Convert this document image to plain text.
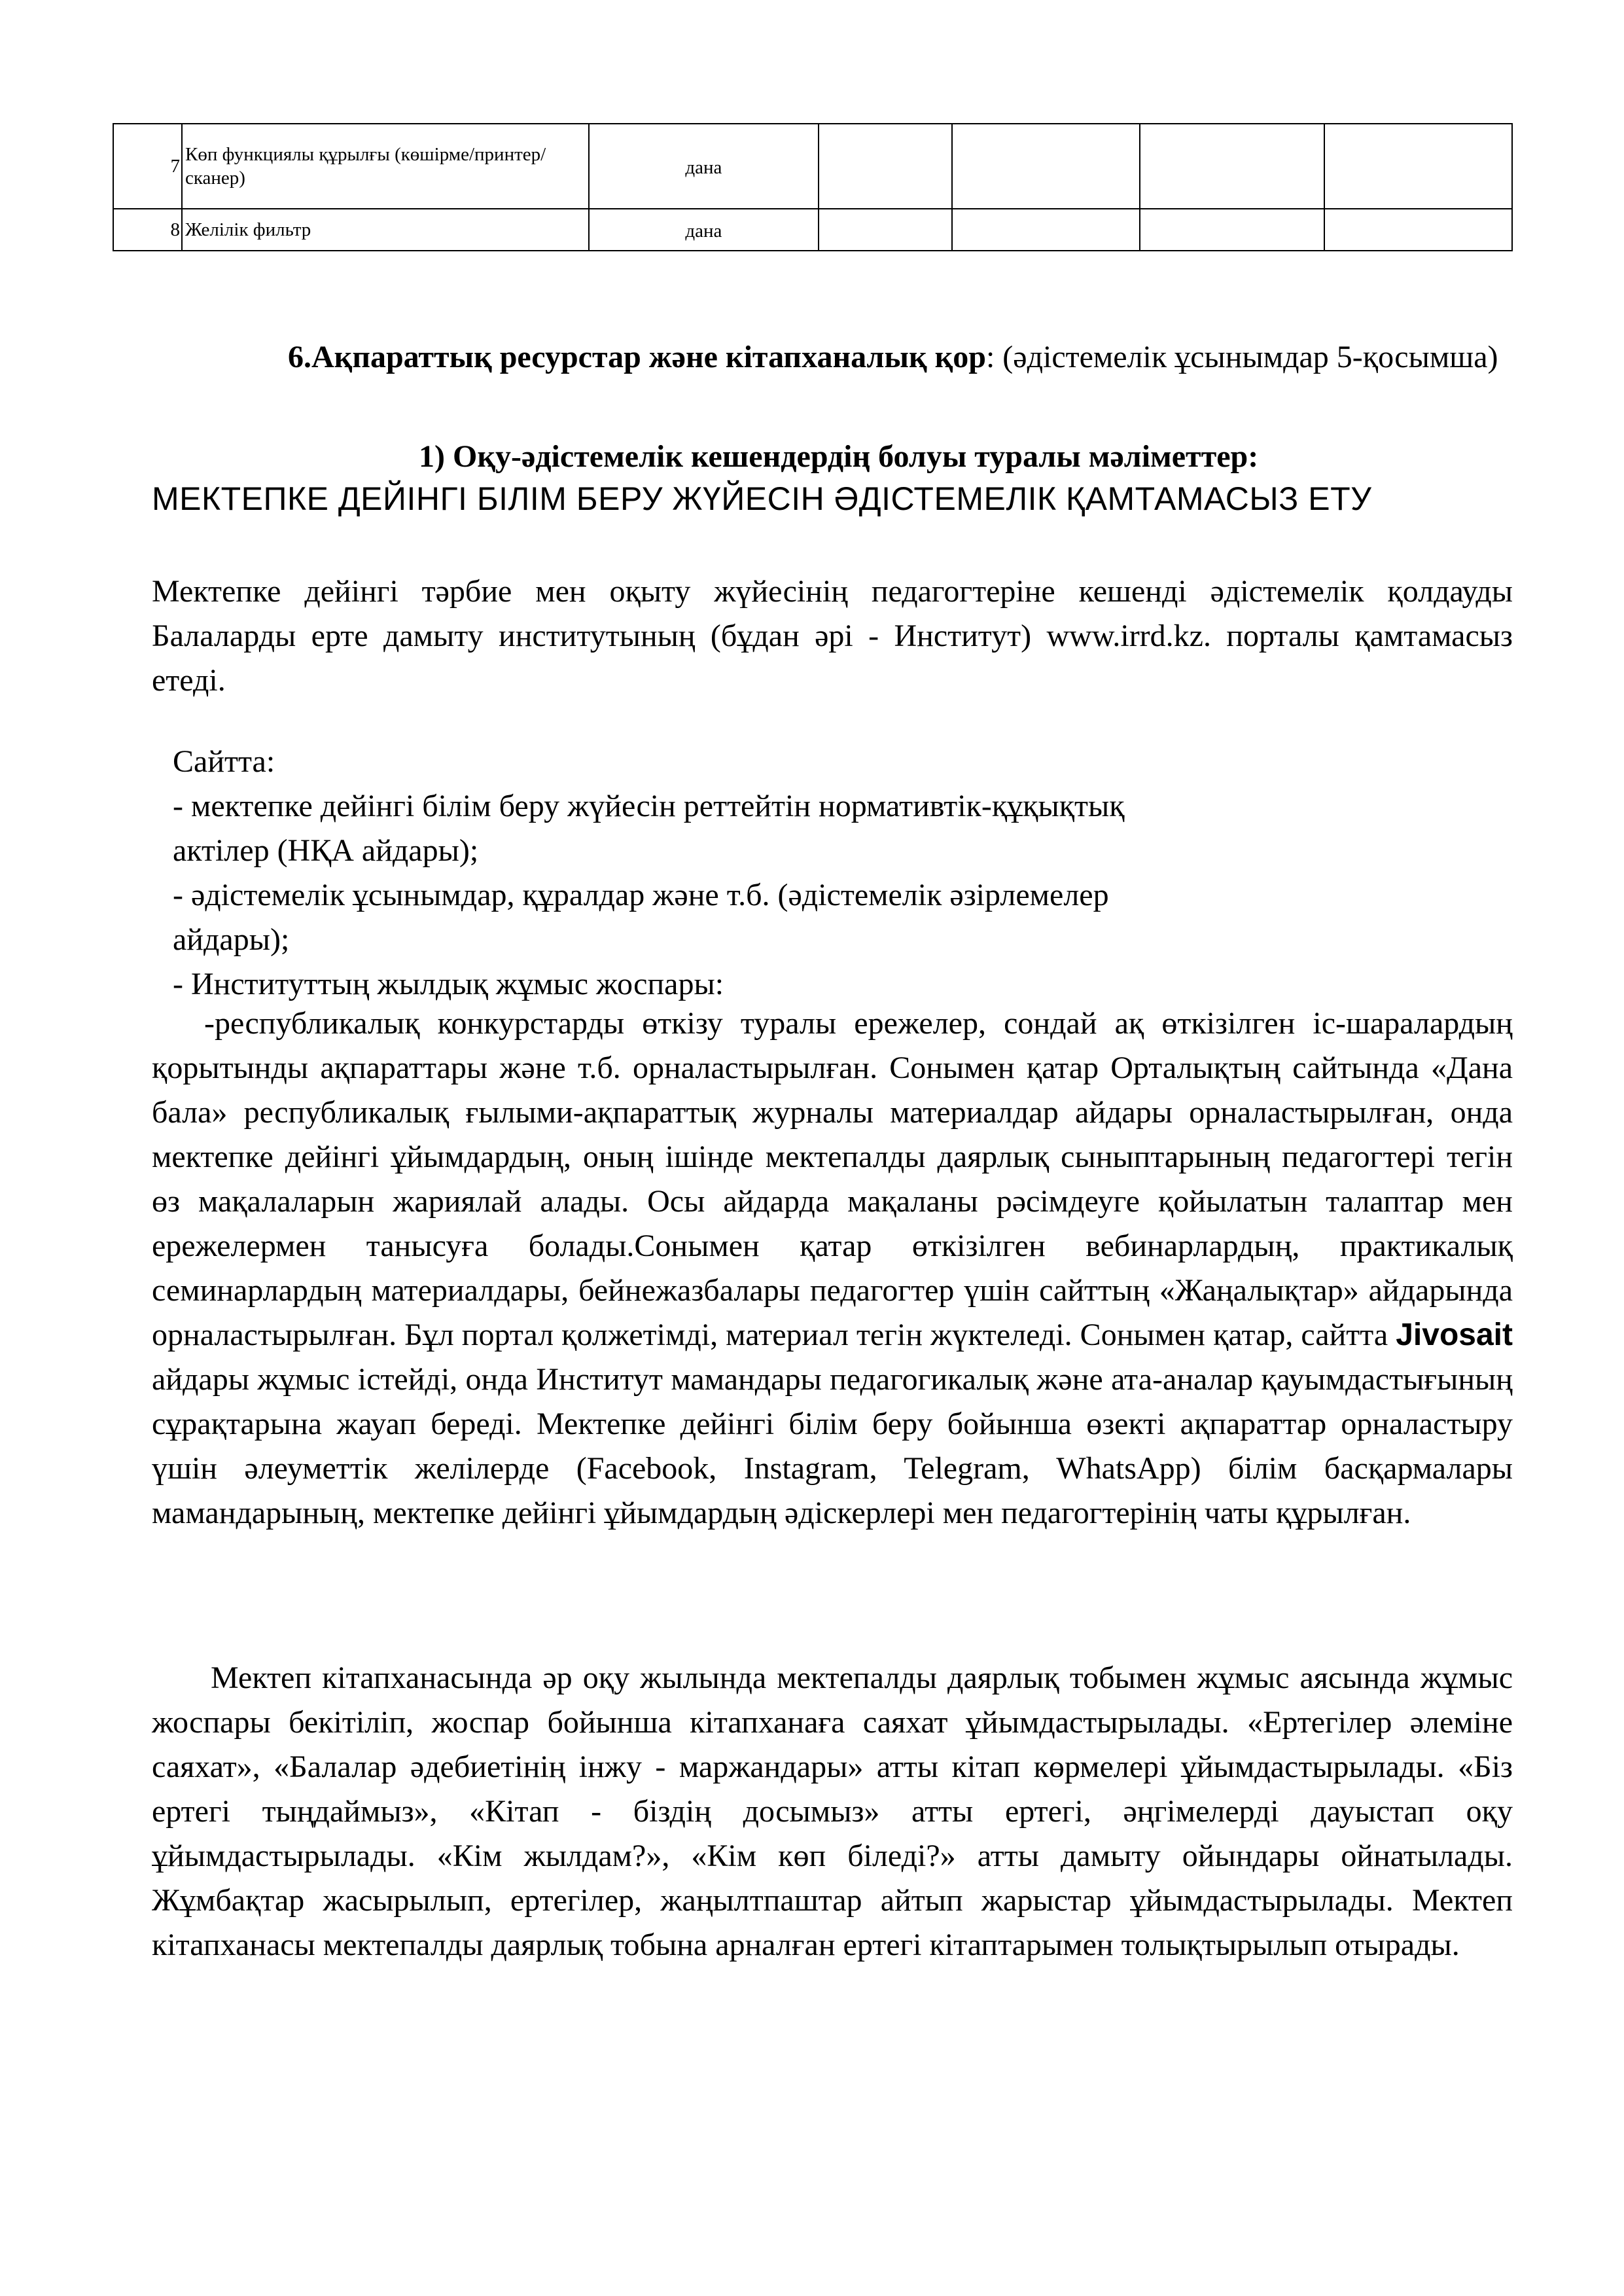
7	Көп функциялы құрылғы (көшірме/принтер/сканер)	дана				
8	Желілік фильтр	дана				
6.Ақпараттық ресурстар және кітапханалық қор: (әдістемелік ұсынымдар 5-қосымша)
1) Оқу-әдістемелік кешендердің болуы туралы мәліметтер:
МЕКТЕПКЕ ДЕЙІНГІ БІЛІМ БЕРУ ЖҮЙЕСІН ӘДІСТЕМЕЛІК ҚАМТАМАСЫЗ ЕТУ

Мектепке дейінгі тәрбие мен оқыту жүйесінің педагогтеріне кешенді әдістемелік қолдауды Балаларды ерте дамыту институтының (бұдан әрі - Институт) www.irrd.kz. порталы қамтамасыз етеді.

Сайтта:
- мектепке дейінгі білім беру жүйесін реттейтін нормативтік-құқықтық
актілер (НҚА айдары);
- әдістемелік ұсынымдар, құралдар және т.б. (әдістемелік әзірлемелер
айдары);
- Институттың жылдық жұмыс жоспары:

-республикалық конкурстарды өткізу туралы ережелер, сондай ақ өткізілген іс-шаралардың қорытынды ақпараттары және т.б. орналастырылған. Сонымен қатар Орталықтың сайтында «Дана бала» республикалық ғылыми-ақпараттық журналы материалдар айдары орналастырылған, онда мектепке дейінгі ұйымдардың, оның ішінде мектепалды даярлық сыныптарының педагогтері тегін өз мақалаларын жариялай алады. Осы айдарда мақаланы рәсімдеуге қойылатын талаптар мен ережелермен танысуға болады.Сонымен қатар өткізілген вебинарлардың, практикалық семинарлардың материалдары, бейнежазбалары педагогтер үшін сайттың «Жаңалықтар» айдарында орналастырылған. Бұл портал қолжетімді, материал тегін жүктеледі. Сонымен қатар, сайтта Jivosait айдары жұмыс істейді, онда Институт мамандары педагогикалық және ата-аналар қауымдастығының сұрақтарына жауап береді. Мектепке дейінгі білім беру бойынша өзекті ақпараттар орналастыру үшін әлеуметтік желілерде (Facebook, Instagram, Telegram, WhatsApp) білім басқармалары мамандарының, мектепке дейінгі ұйымдардың әдіскерлері мен педагогтерінің чаты құрылған.

Мектеп кітапханасында әр оқу жылында мектепалды даярлық тобымен жұмыс аясында жұмыс жоспары бекітіліп, жоспар бойынша кітапханаға саяхат ұйымдастырылады. «Ертегілер әлеміне саяхат», «Балалар әдебиетінің інжу - маржандары» атты кітап көрмелері ұйымдастырылады. «Біз ертегі тыңдаймыз», «Кітап - біздің досымыз» атты ертегі, әңгімелерді дауыстап оқу ұйымдастырылады. «Кім жылдам?», «Кім көп біледі?» атты дамыту ойындары ойнатылады. Жұмбақтар жасырылып, ертегілер, жаңылтпаштар айтып жарыстар ұйымдастырылады. Мектеп кітапханасы мектепалды даярлық тобына арналған ертегі кітаптарымен толықтырылып отырады.
